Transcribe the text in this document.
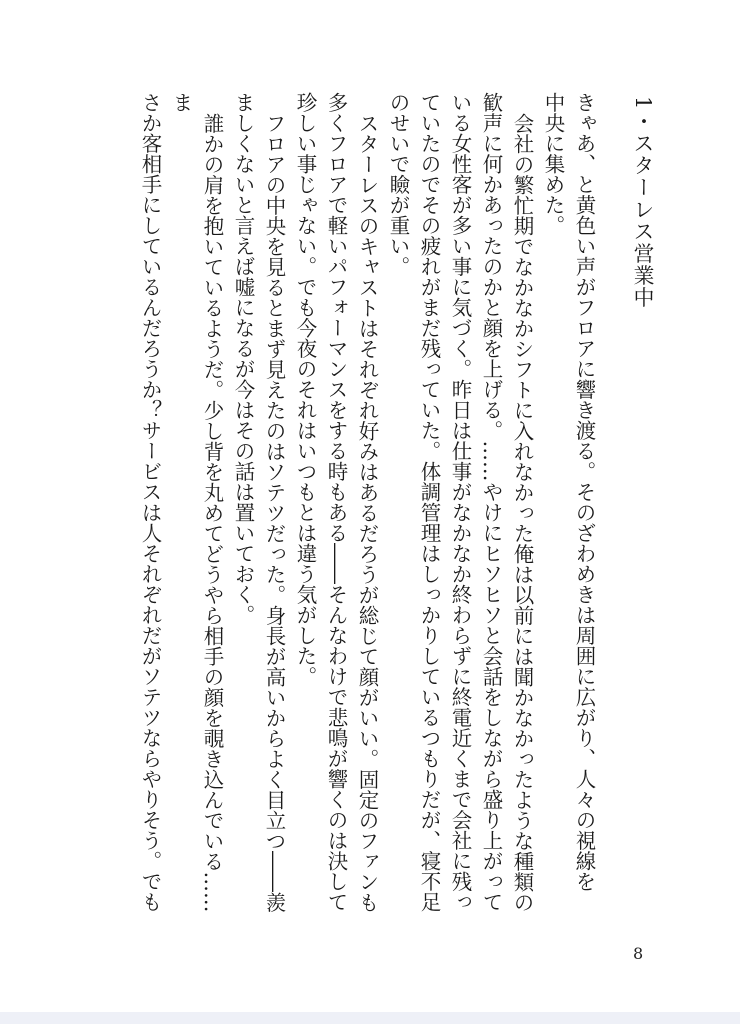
1・スターレス営業中

きゃあ、と黄色い声がフロアに響き渡る。そのざわめきは周囲に広がり、人々の視線を
中央に集めた。

会社の繁忙期でなかなかシフトに入れなかった俺は以前には聞かなかったような種類の
歓声に何かあったのかと顔を上げる。……やけにヒソヒソと会話をしながら盛り上がって
いる女性客が多い事に気づく。昨日は仕事がなかなか終わらずに終電近くまで会社に残っ
ていたのでその疲れがまだ残っていた。体調管理はしっかりしているつもりだが、寝不足
のせいで瞼が重い。

スターレスのキャストはそれぞれ好みはあるだろうが総じて顔がいい。固定のファンも
多くフロアで軽いパフォーマンスをする時もある――そんなわけで悲鳴が響くのは決して
珍しい事じゃない。でも今夜のそれはいつもとは違う気がした。

フロアの中央を見るとまず見えたのはソテツだった。身長が高いからよく目立つ――羨
ましくないと言えば嘘になるが今はその話は置いておく。

誰かの肩を抱いているようだ。少し背を丸めてどうやら相手の顔を覗き込んでいる……ま
さか客相手にしているんだろうか？サービスは人それぞれだがソテツならやりそう。でも

8
